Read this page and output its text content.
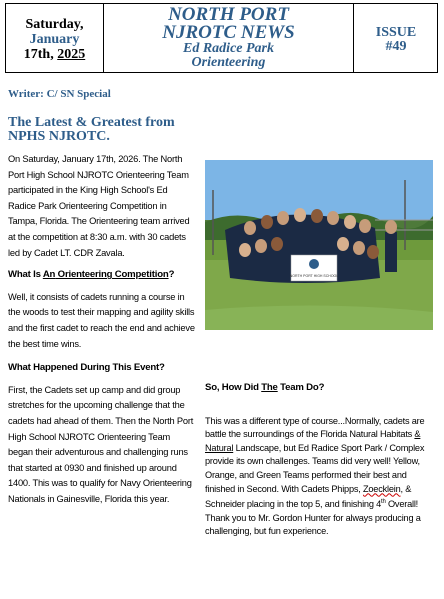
Saturday,
January
17th, 2025
NORTH PORT
NJROTC NEWS
Ed Radice Park
Orienteering
ISSUE
#49
Writer: C/ SN Special
The Latest & Greatest from NPHS NJROTC.

On Saturday, January 17th, 2026. The North Port High School NJROTC Orienteering Team participated in the King High School's Ed Radice Park Orienteering Competition in Tampa, Florida. The Orienteering team arrived at the competition at 8:30 a.m. with 30 cadets led by Cadet LT. CDR Zavala.

What Is An Orienteering Competition?

Well, it consists of cadets running a course in the woods to test their mapping and agility skills and the first cadet to reach the end and achieve the best time wins.

What Happened During This Event?

First, the Cadets set up camp and did group stretches for the upcoming challenge that the cadets had ahead of them. Then the North Port High School NJROTC Orienteering Team began their adventurous and challenging runs that started at 0930 and finished up around 1400. This was to qualify for Navy Orienteering Nationals in Gainesville, Florida this year.

NORTH PORT HIGH SCHOOL

So, How Did The Team Do?

This was a different type of course...Normally, cadets are battle the surroundings of the Florida Natural Habitats & Natural Landscape, but Ed Radice Sport Park / Complex provide its own challenges. Teams did very well! Yellow, Orange, and Green Teams performed their best and finished in Second. With Cadets Phipps, Zoecklein, & Schneider placing in the top 5, and finishing 4th Overall! Thank you to Mr. Gordon Hunter for always producing a challenging, but fun experience.
